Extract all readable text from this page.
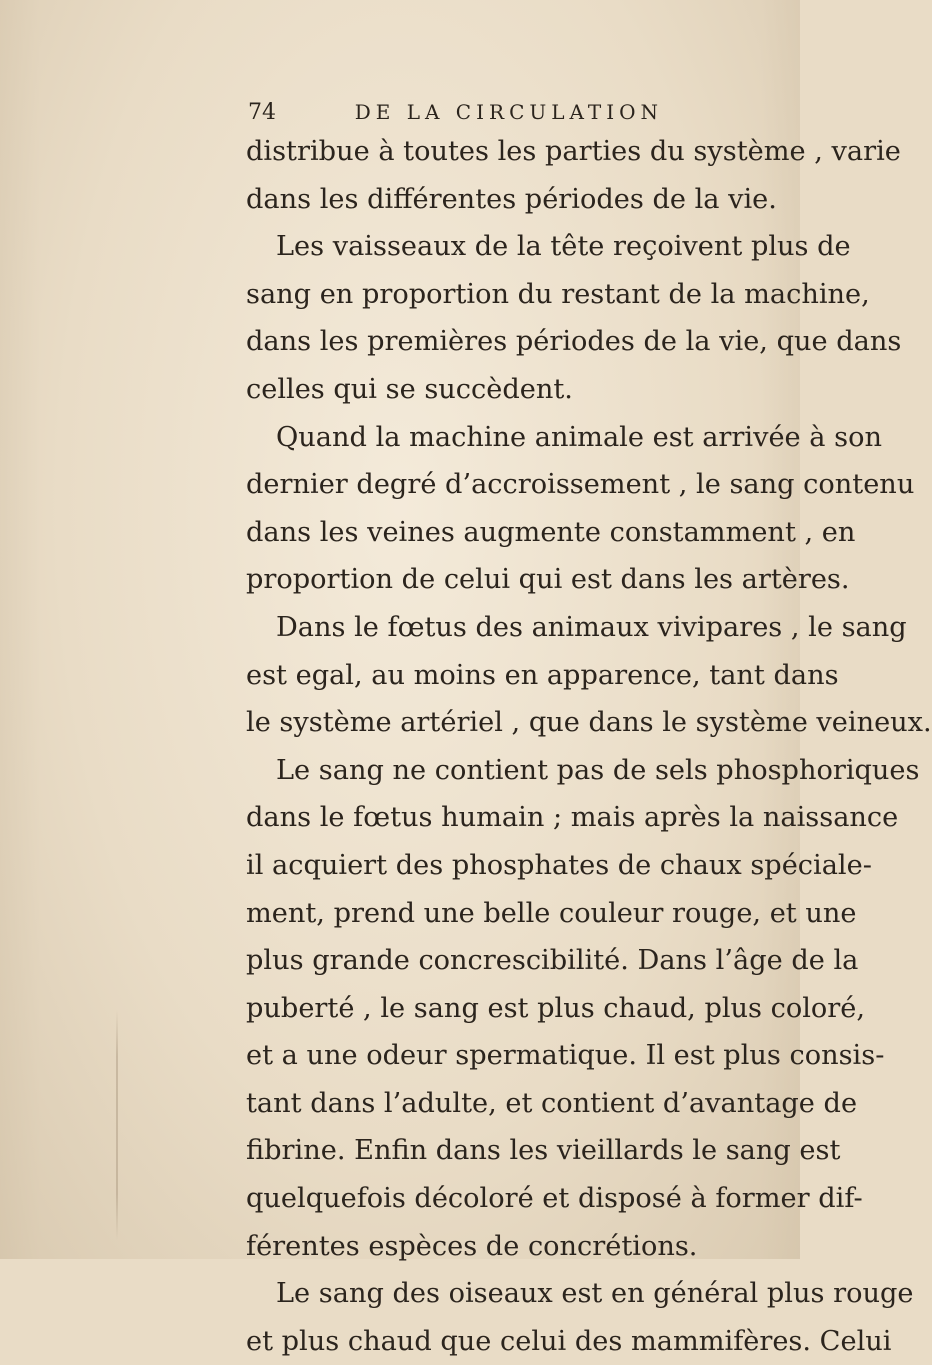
74	DE LA CIRCULATION
distribue à toutes les parties du système , varie
dans les différentes périodes de la vie.
Les vaisseaux de la tête reçoivent plus de
sang en proportion du restant de la machine,
dans les premières périodes de la vie, que dans
celles qui se succèdent.
Quand la machine animale est arrivée à son
dernier degré d’accroissement , le sang contenu
dans les veines augmente constamment , en
proportion de celui qui est dans les artères.
Dans le fœtus des animaux vivipares , le sang
est egal, au moins en apparence, tant dans
le système artériel , que dans le système veineux.
Le sang ne contient pas de sels phosphoriques
dans le fœtus humain ; mais après la naissance
il acquiert des phosphates de chaux spéciale-
ment, prend une belle couleur rouge, et une
plus grande concrescibilité. Dans l’âge de la
puberté , le sang est plus chaud, plus coloré,
et a une odeur spermatique. Il est plus consis-
tant dans l’adulte, et contient d’avantage de
fibrine. Enfin dans les vieillards le sang est
quelquefois décoloré et disposé à former dif-
férentes espèces de concrétions.
Le sang des oiseaux est en général plus rouge
et plus chaud que celui des mammifères. Celui
